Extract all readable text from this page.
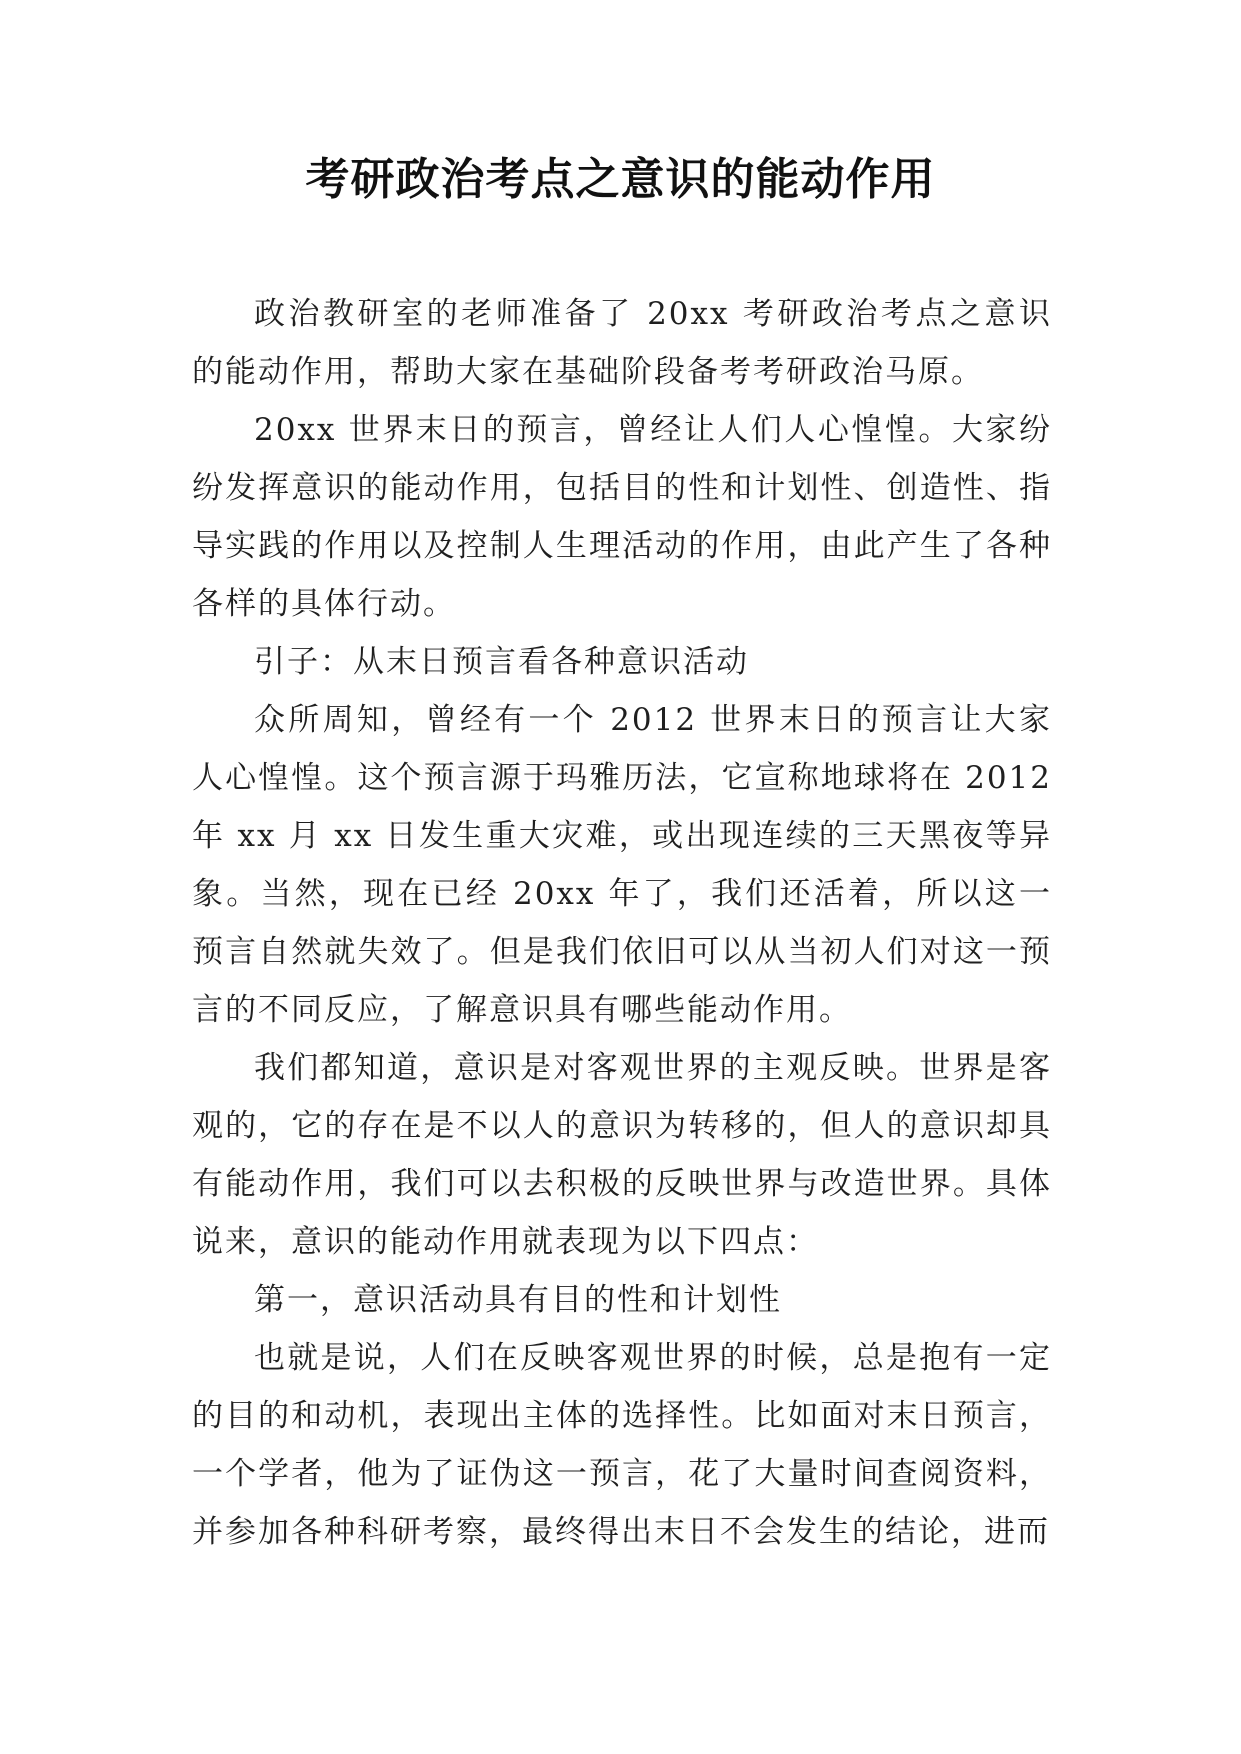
考研政治考点之意识的能动作用

政治教研室的老师准备了 20xx 考研政治考点之意识的能动作用，帮助大家在基础阶段备考考研政治马原。

20xx 世界末日的预言，曾经让人们人心惶惶。大家纷纷发挥意识的能动作用，包括目的性和计划性、创造性、指导实践的作用以及控制人生理活动的作用，由此产生了各种各样的具体行动。

引子：从末日预言看各种意识活动

众所周知，曾经有一个 2012 世界末日的预言让大家人心惶惶。这个预言源于玛雅历法，它宣称地球将在 2012 年 xx 月 xx 日发生重大灾难，或出现连续的三天黑夜等异象。当然，现在已经 20xx 年了，我们还活着，所以这一预言自然就失效了。但是我们依旧可以从当初人们对这一预言的不同反应，了解意识具有哪些能动作用。

我们都知道，意识是对客观世界的主观反映。世界是客观的，它的存在是不以人的意识为转移的，但人的意识却具有能动作用，我们可以去积极的反映世界与改造世界。具体说来，意识的能动作用就表现为以下四点：

第一，意识活动具有目的性和计划性

也就是说，人们在反映客观世界的时候，总是抱有一定的目的和动机，表现出主体的选择性。比如面对末日预言，一个学者，他为了证伪这一预言，花了大量时间查阅资料，并参加各种科研考察，最终得出末日不会发生的结论，进而
